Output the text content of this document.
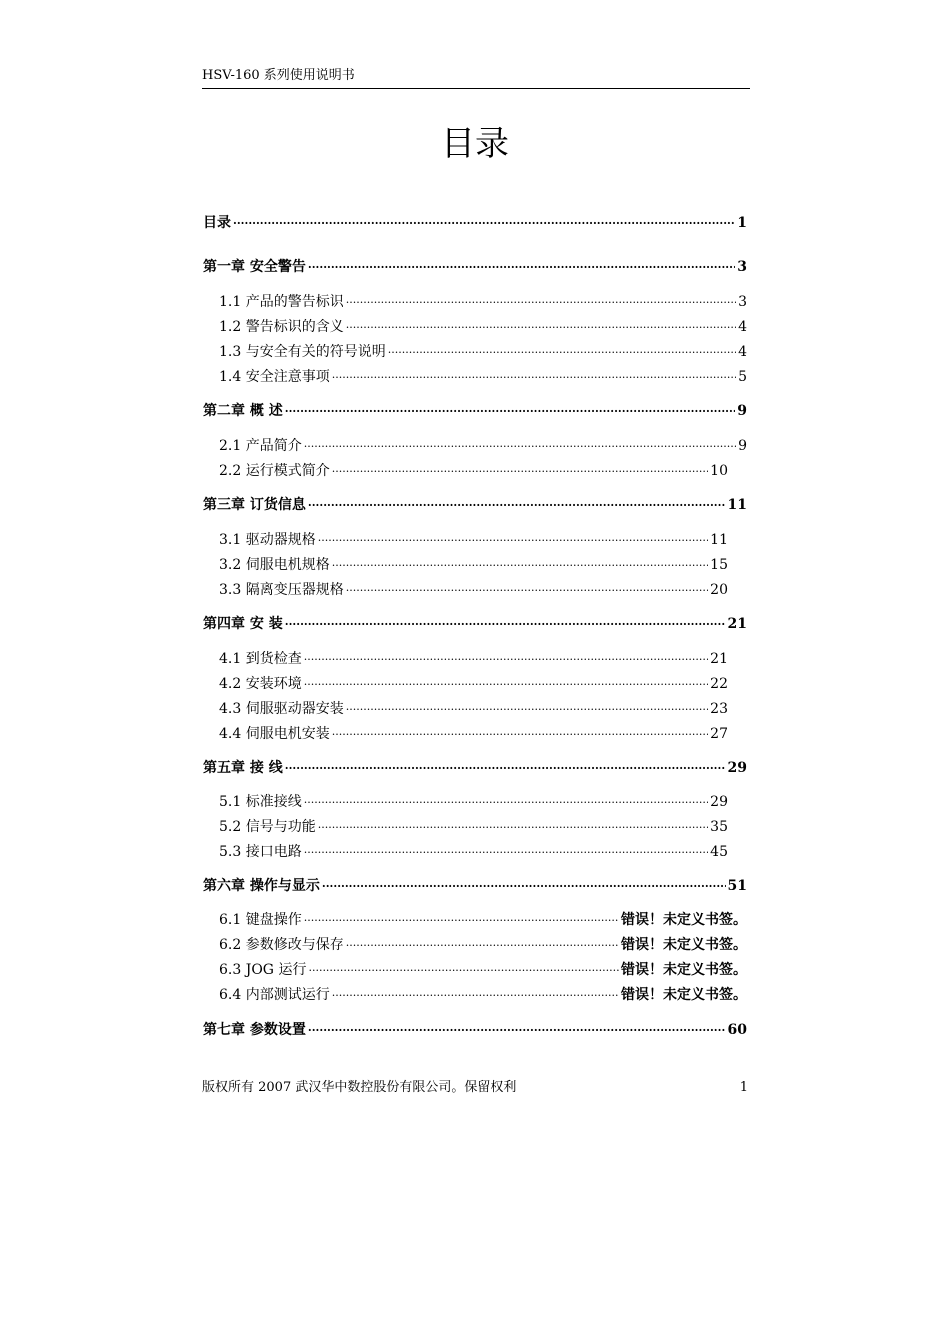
HSV-160 系列使用说明书
目录
目录 .....	1
第一章 安全警告 .....	3
1.1 产品的警告标识 .....	3
1.2 警告标识的含义 .....	4
1.3 与安全有关的符号说明 .....	4
1.4 安全注意事项 .....	5
第二章 概 述 .....	9
2.1 产品简介 .....	9
2.2 运行模式简介 .....	10
第三章 订货信息 .....	11
3.1 驱动器规格 .....	11
3.2 伺服电机规格 .....	15
3.3 隔离变压器规格 .....	20
第四章 安 装 .....	21
4.1 到货检查 .....	21
4.2 安装环境 .....	22
4.3 伺服驱动器安装 .....	23
4.4 伺服电机安装 .....	27
第五章 接 线 .....	29
5.1 标准接线 .....	29
5.2 信号与功能 .....	35
5.3 接口电路 .....	45
第六章 操作与显示 .....	51
6.1 键盘操作 .....	错误！未定义书签。
6.2 参数修改与保存 .....	错误！未定义书签。
6.3 JOG 运行 .....	错误！未定义书签。
6.4 内部测试运行 .....	错误！未定义书签。
第七章 参数设置 .....	60
版权所有 2007 武汉华中数控股份有限公司。保留权利	1
